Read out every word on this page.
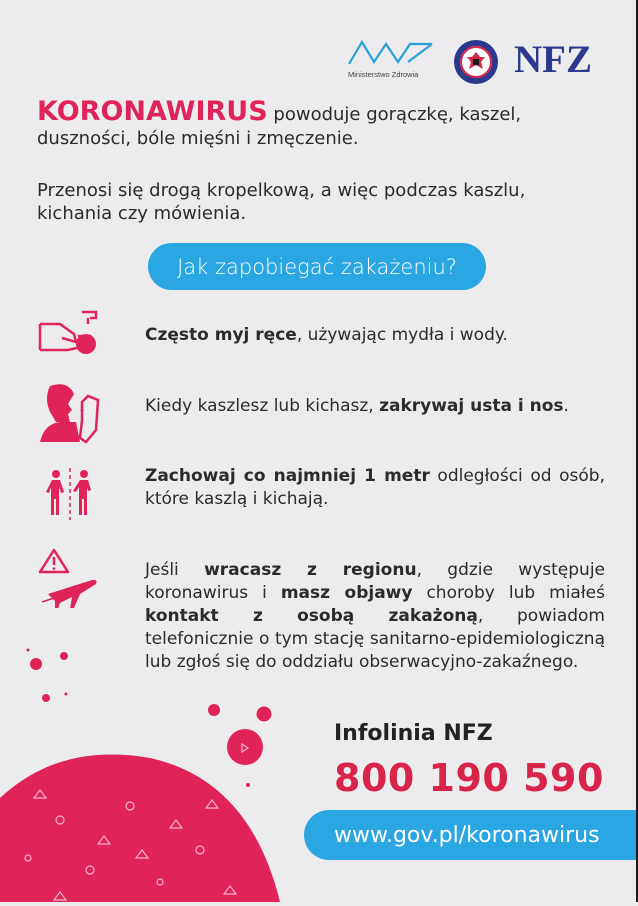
Ministerstwo Zdrowia NFZ
KORONAWIRUS powoduje gorączkę, kaszel, duszności, bóle mięśni i zmęczenie.
Przenosi się drogą kropelkową, a więc podczas kaszlu, kichania czy mówienia.
Jak zapobiegać zakażeniu?
Często myj ręce, używając mydła i wody.
Kiedy kaszlesz lub kichasz, zakrywaj usta i nos.
Zachowaj co najmniej 1 metr odległości od osób, które kaszlą i kichają.
Jeśli wracasz z regionu, gdzie występuje koronawirus i masz objawy choroby lub miałeś kontakt z osobą zakażoną, powiadom telefonicznie o tym stację sanitarno-epidemiologiczną lub zgłoś się do oddziału obserwacyjno-zakaźnego.
Infolinia NFZ
800 190 590
www.gov.pl/koronawirus
